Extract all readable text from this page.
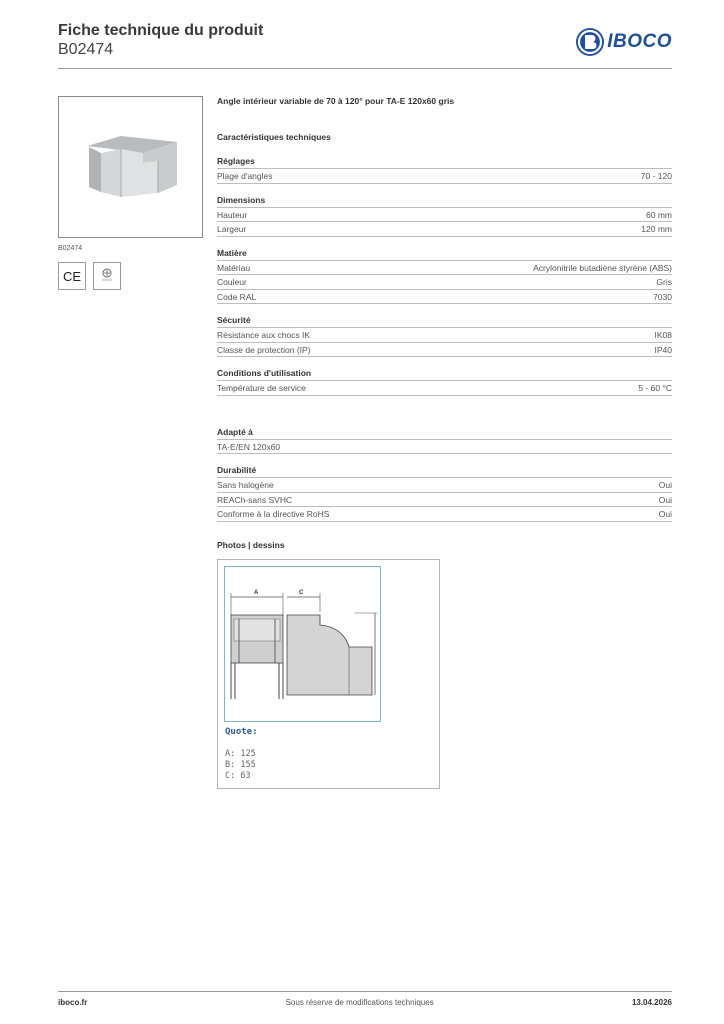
Fiche technique du produit
B02474	IBOCO
B02474
CE
Angle intérieur variable de 70 à 120° pour TA-E 120x60 gris
Caractéristiques techniques
Réglages
Plage d'angles	70 - 120
Dimensions
Hauteur	60 mm
Largeur	120 mm
Matière
Matériau	Acrylonitrile butadiène styrène (ABS)
Couleur	Gris
Code RAL	7030
Sécurité
Résistance aux chocs IK	IK08
Classe de protection (IP)	IP40
Conditions d'utilisation
Température de service	5 - 60 °C
Adapté à
TA-E/EN 120x60
Durabilité
Sans halogène	Oui
REACh-sans SVHC	Oui
Conforme à la directive RoHS	Oui
Photos | dessins
A	C
Quote:
A: 125
B: 155
C: 63
iboco.fr	Sous réserve de modifications techniques	13.04.2026
